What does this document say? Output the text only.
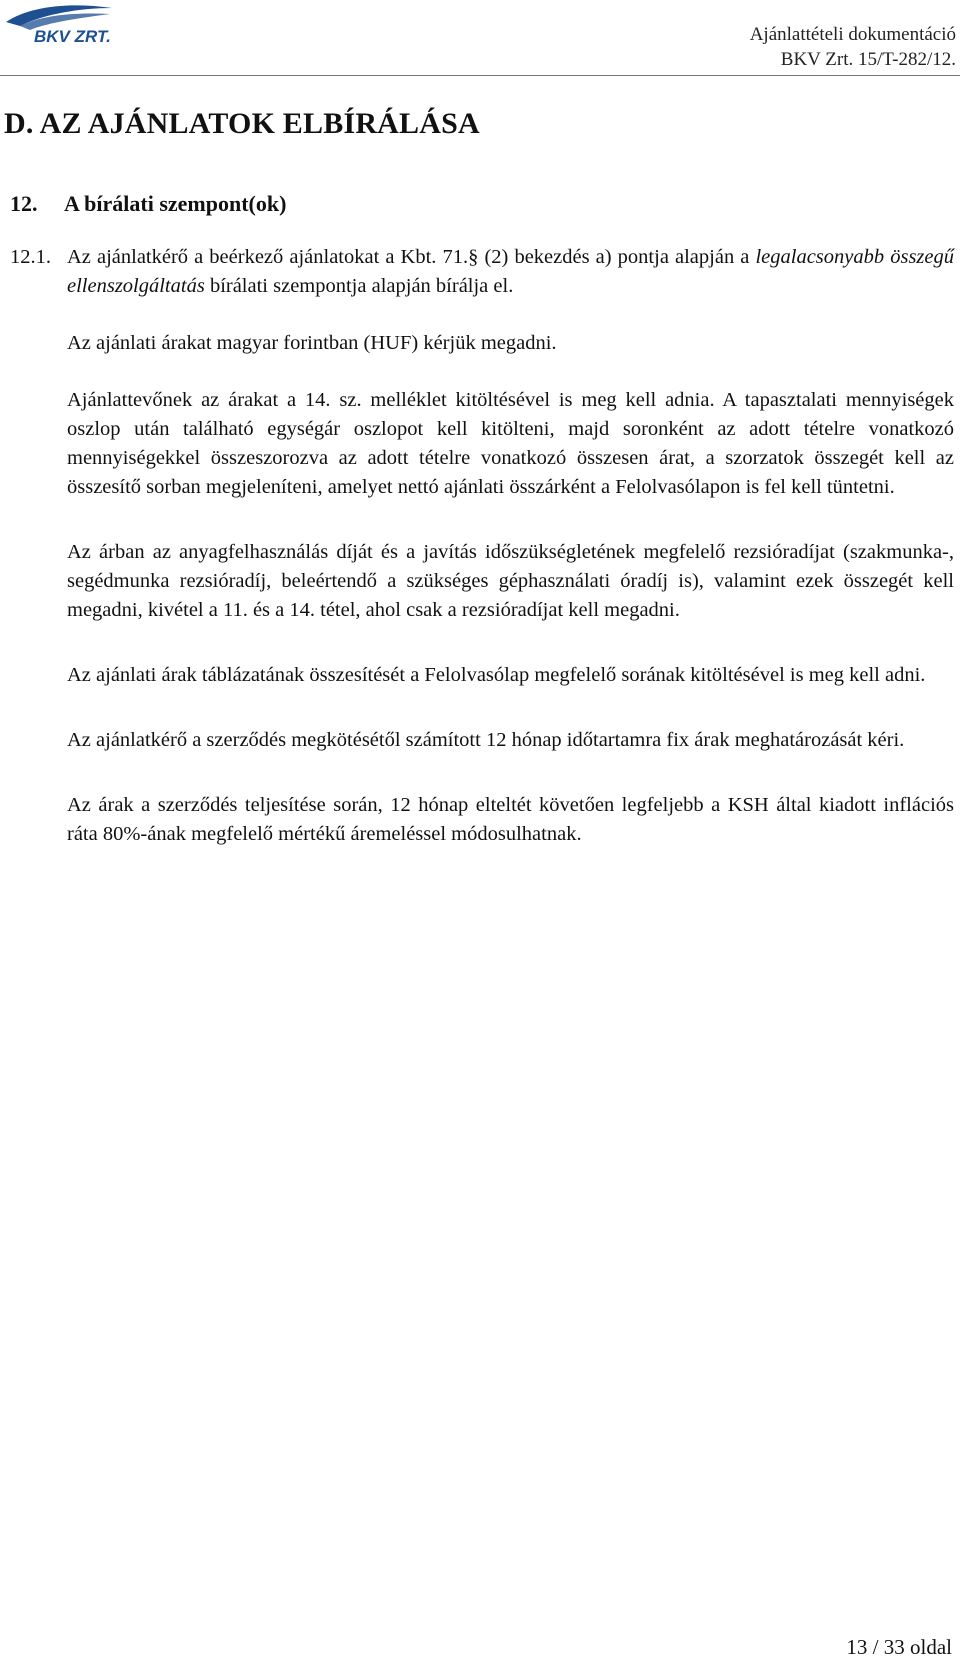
BKV ZRT.	Ajánlattételi dokumentáció
BKV Zrt. 15/T-282/12.
D. AZ AJÁNLATOK ELBÍRÁLÁSA
12. A bírálati szempont(ok)

12.1. Az ajánlatkérő a beérkező ajánlatokat a Kbt. 71.§ (2) bekezdés a) pontja alapján a legalacsonyabb összegű ellenszolgáltatás bírálati szempontja alapján bírálja el.

Az ajánlati árakat magyar forintban (HUF) kérjük megadni.

Ajánlattevőnek az árakat a 14. sz. melléklet kitöltésével is meg kell adnia. A tapasztalati mennyiségek oszlop után található egységár oszlopot kell kitölteni, majd soronként az adott tételre vonatkozó mennyiségekkel összeszorozva az adott tételre vonatkozó összesen árat, a szorzatok összegét kell az összesítő sorban megjeleníteni, amelyet nettó ajánlati összárként a Felolvasólapon is fel kell tüntetni.

Az árban az anyagfelhasználás díját és a javítás időszükségletének megfelelő rezsióradíjat (szakmunka-, segédmunka rezsióradíj, beleértendő a szükséges géphasználati óradíj is), valamint ezek összegét kell megadni, kivétel a 11. és a 14. tétel, ahol csak a rezsióradíjat kell megadni.

Az ajánlati árak táblázatának összesítését a Felolvasólap megfelelő sorának kitöltésével is meg kell adni.

Az ajánlatkérő a szerződés megkötésétől számított 12 hónap időtartamra fix árak meghatározását kéri.

Az árak a szerződés teljesítése során, 12 hónap elteltét követően legfeljebb a KSH által kiadott inflációs ráta 80%-ának megfelelő mértékű áremeléssel módosulhatnak.

13 / 33 oldal
